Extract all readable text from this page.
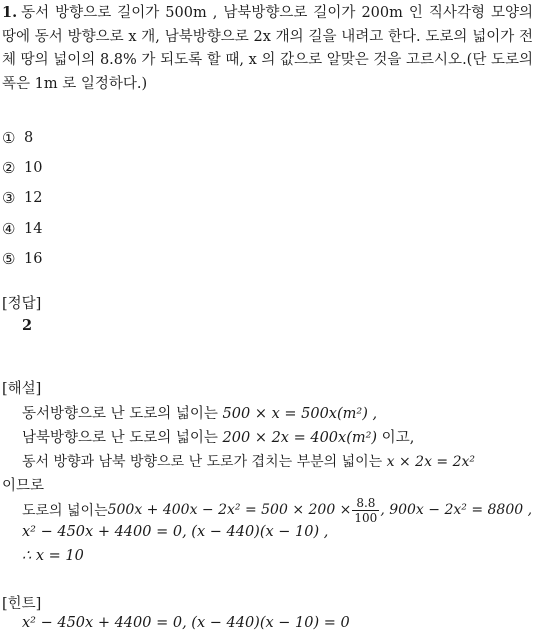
1. 동서 방향으로 길이가 500m , 남북방향으로 길이가 200m 인 직사각형 모양의 땅에 동서 방향으로 x 개, 남북방향으로 2x 개의 길을 내려고 한다. 도로의 넓이가 전체 땅의 넓이의 8.8% 가 되도록 할 때, x 의 값으로 알맞은 것을 고르시오.(단 도로의 폭은 1m 로 일정하다.)
① 8
② 10
③ 12
④ 14
⑤ 16
[정답]
2
[해설]
동서방향으로 난 도로의 넓이는 500 × x = 500x(m²) ,
남북방향으로 난 도로의 넓이는 200 × 2x = 400x(m²) 이고,
동서 방향과 남북 방향으로 난 도로가 겹치는 부분의 넓이는 x × 2x = 2x²
이므로
도로의 넓이는 $500x + 400x - 2x^2 = 500 \times 200 \times \frac{8.8}{100}$ , 900x − 2x² = 8800 ,
x² − 450x + 4400 = 0, (x − 440)(x − 10) ,
∴ x = 10
[힌트]
x² − 450x + 4400 = 0, (x − 440)(x − 10) = 0
